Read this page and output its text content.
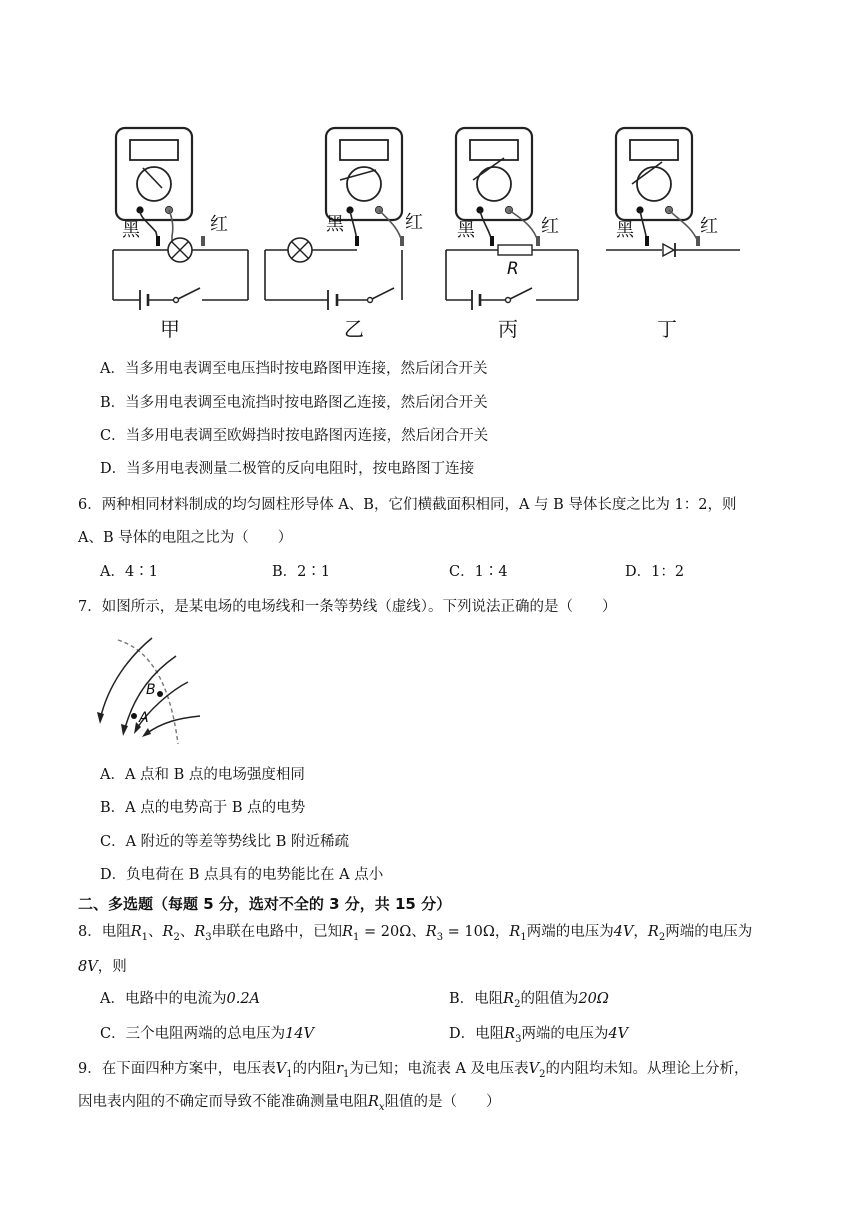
黑	红	黑	红 黑	红	黑	红
R
甲	乙	丙	丁
A．当多用电表调至电压挡时按电路图甲连接，然后闭合开关
B．当多用电表调至电流挡时按电路图乙连接，然后闭合开关
C．当多用电表调至欧姆挡时按电路图丙连接，然后闭合开关
D．当多用电表测量二极管的反向电阻时，按电路图丁连接
6．两种相同材料制成的均匀圆柱形导体 A、B，它们横截面积相同，A 与 B 导体长度之比为 1：2，则
A、B 导体的电阻之比为（　　）
A．4∶1	B．2∶1	C．1∶4	D．1：2
7．如图所示，是某电场的电场线和一条等势线（虚线）。下列说法正确的是（　　）
B
A
A．A 点和 B 点的电场强度相同
B．A 点的电势高于 B 点的电势
C．A 附近的等差等势线比 B 附近稀疏
D．负电荷在 B 点具有的电势能比在 A 点小
二、多选题（每题 5 分，选对不全的 3 分，共 15 分）
8．电阻$R_1$、$R_2$、$R_3$串联在电路中，已知$R_1 = 20\Omega$、$R_3 = 10\Omega$，$R_1$两端的电压为4V，$R_2$两端的电压为
8V，则
A．电路中的电流为0.2A	B．电阻$R_2$的阻值为20Ω
C．三个电阻两端的总电压为14V	D．电阻$R_3$两端的电压为4V
9．在下面四种方案中，电压表$V_1$的内阻$r_1$为已知；电流表 A 及电压表$V_2$的内阻均未知。从理论上分析，
因电表内阻的不确定而导致不能准确测量电阻$R_x$阻值的是（　　）
